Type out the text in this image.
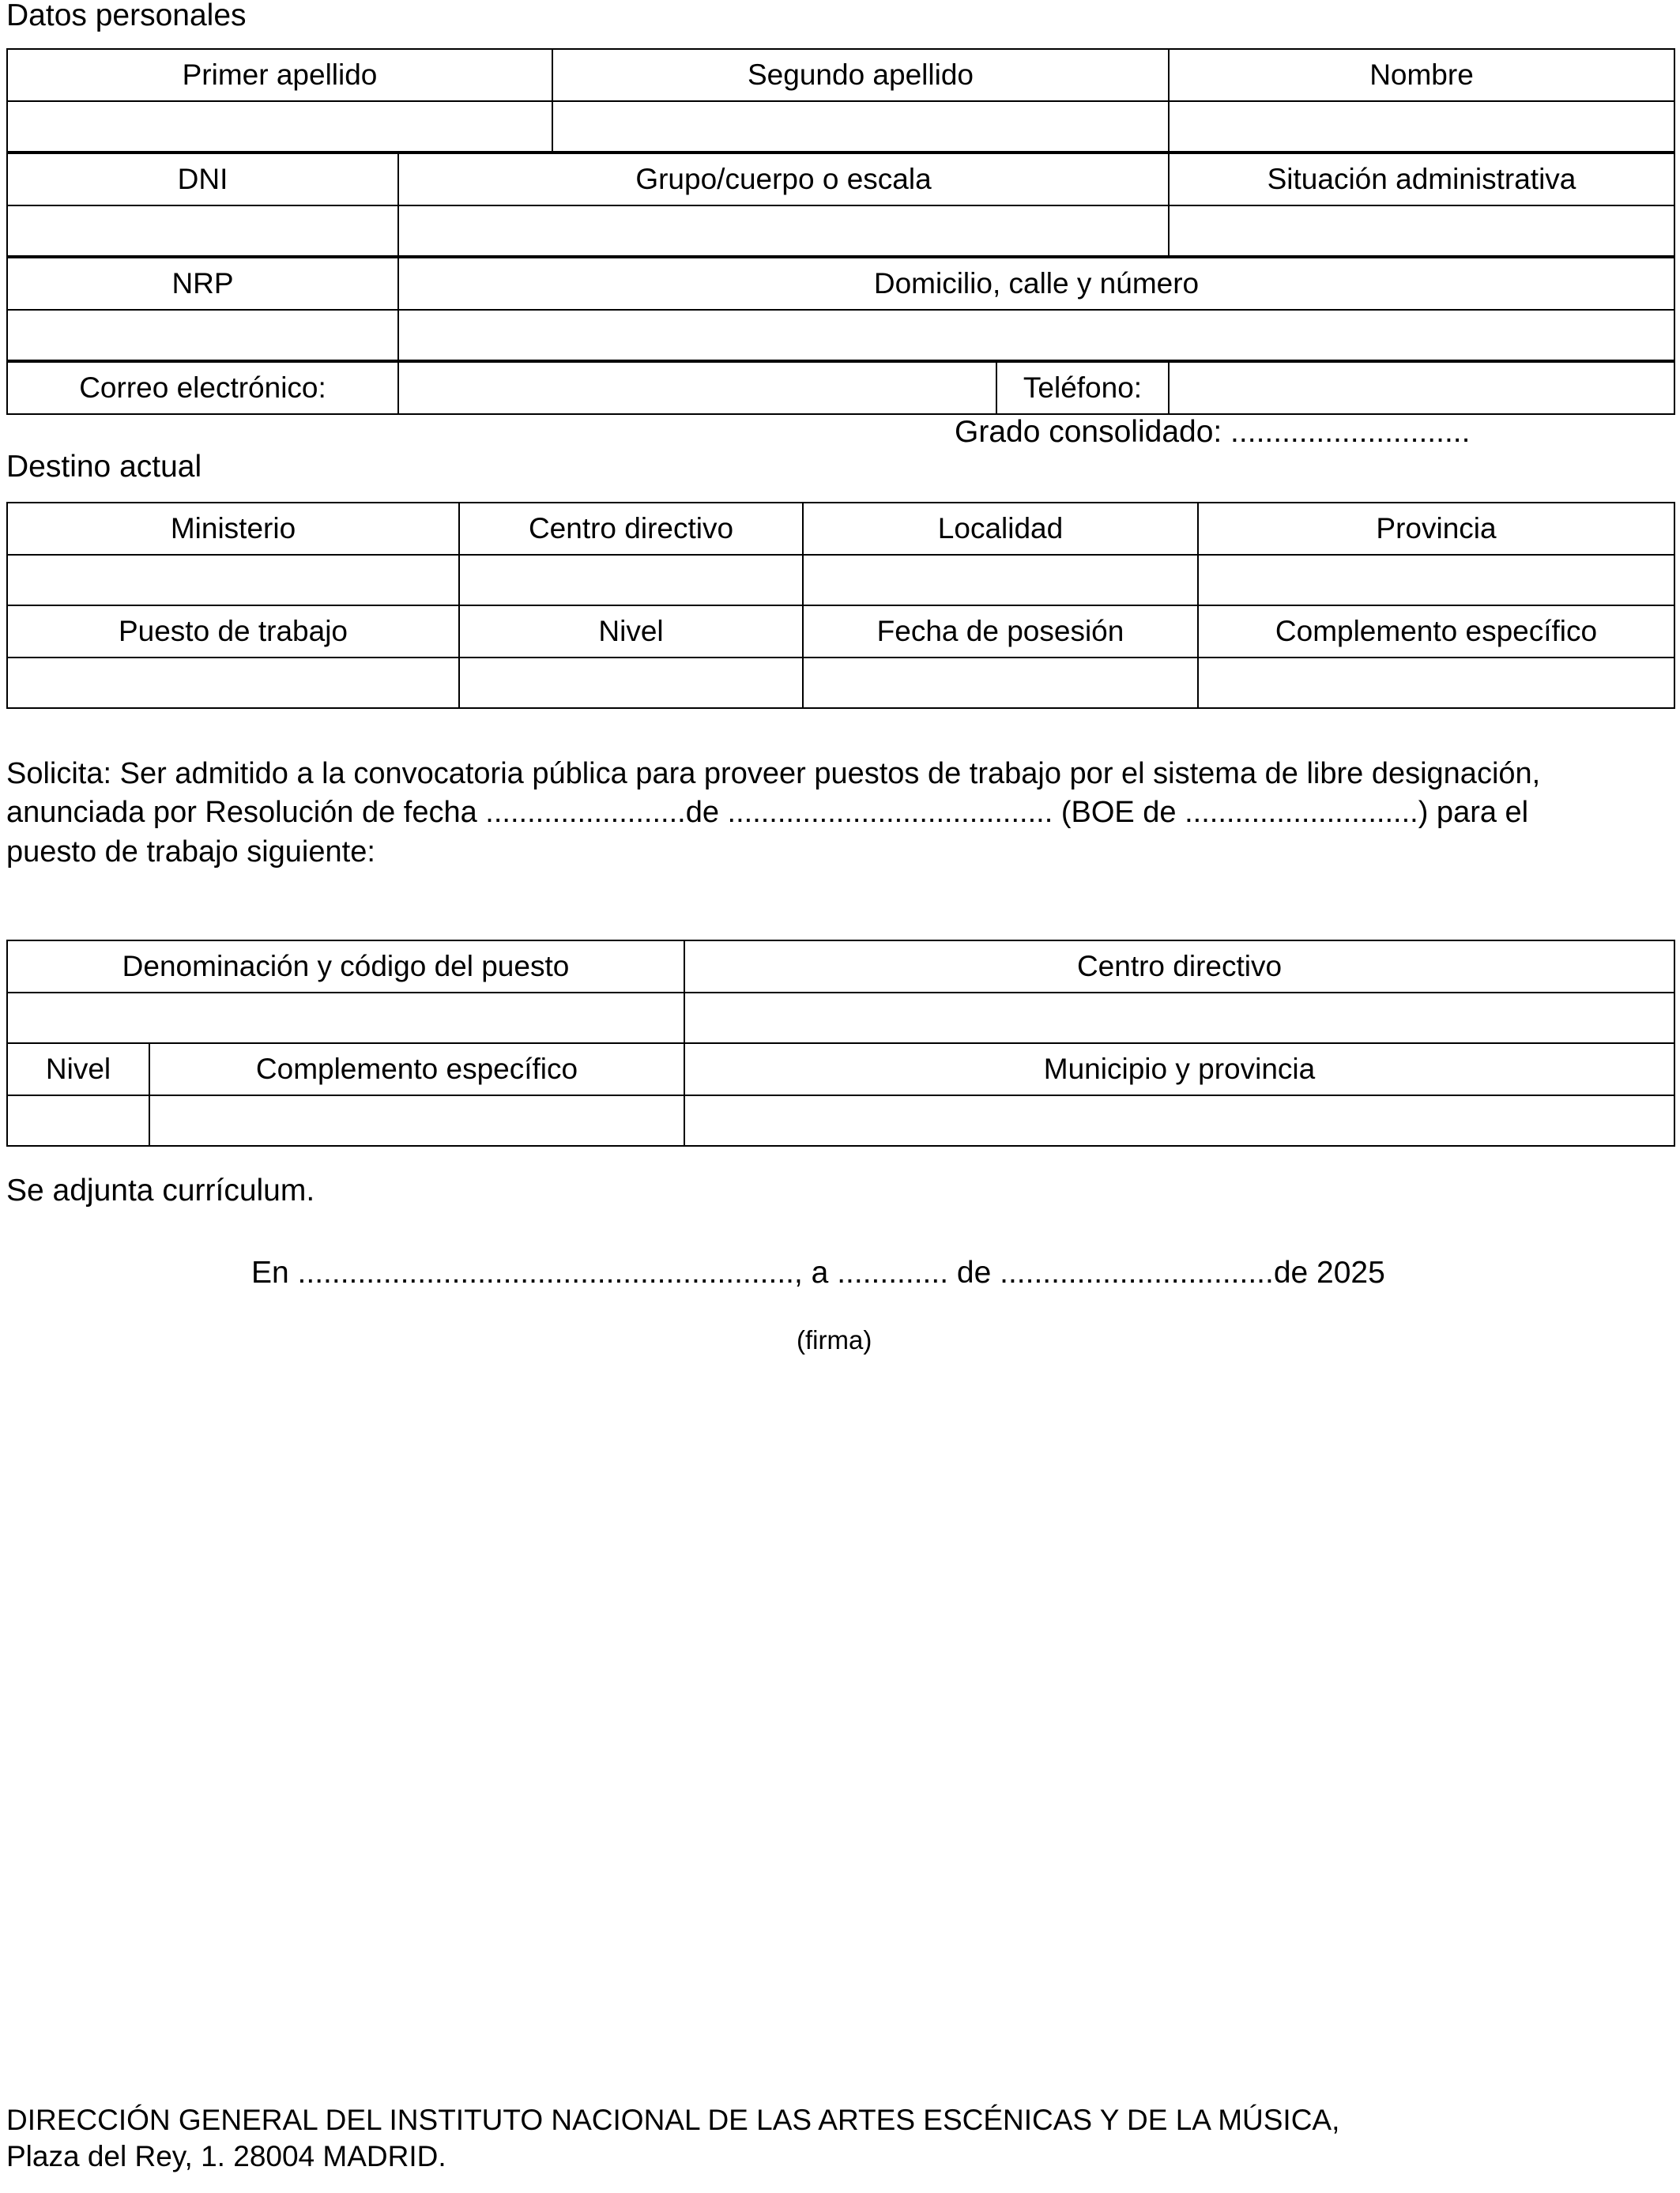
Datos personales
Primer apellido	Segundo apellido	Nombre

DNI	Grupo/cuerpo o escala	Situación administrativa

NRP	Domicilio, calle y número

Correo electrónico:		Teléfono:	
Grado consolidado: ............................
Destino actual
Ministerio	Centro directivo	Localidad	Provincia

Puesto de trabajo	Nivel	Fecha de posesión	Complemento específico

Solicita: Ser admitido a la convocatoria pública para proveer puestos de trabajo por el sistema de libre designación,
anunciada por Resolución de fecha ........................de ....................................... (BOE de ............................) para el
puesto de trabajo siguiente:
Denominación y código del puesto		Centro directivo

Nivel	Complemento específico	Municipio y provincia

Se adjunta currículum.
En .........................................................., a ............. de ................................de 2025
(firma)
DIRECCIÓN GENERAL DEL INSTITUTO NACIONAL DE LAS ARTES ESCÉNICAS Y DE LA MÚSICA,
Plaza del Rey, 1. 28004 MADRID.
